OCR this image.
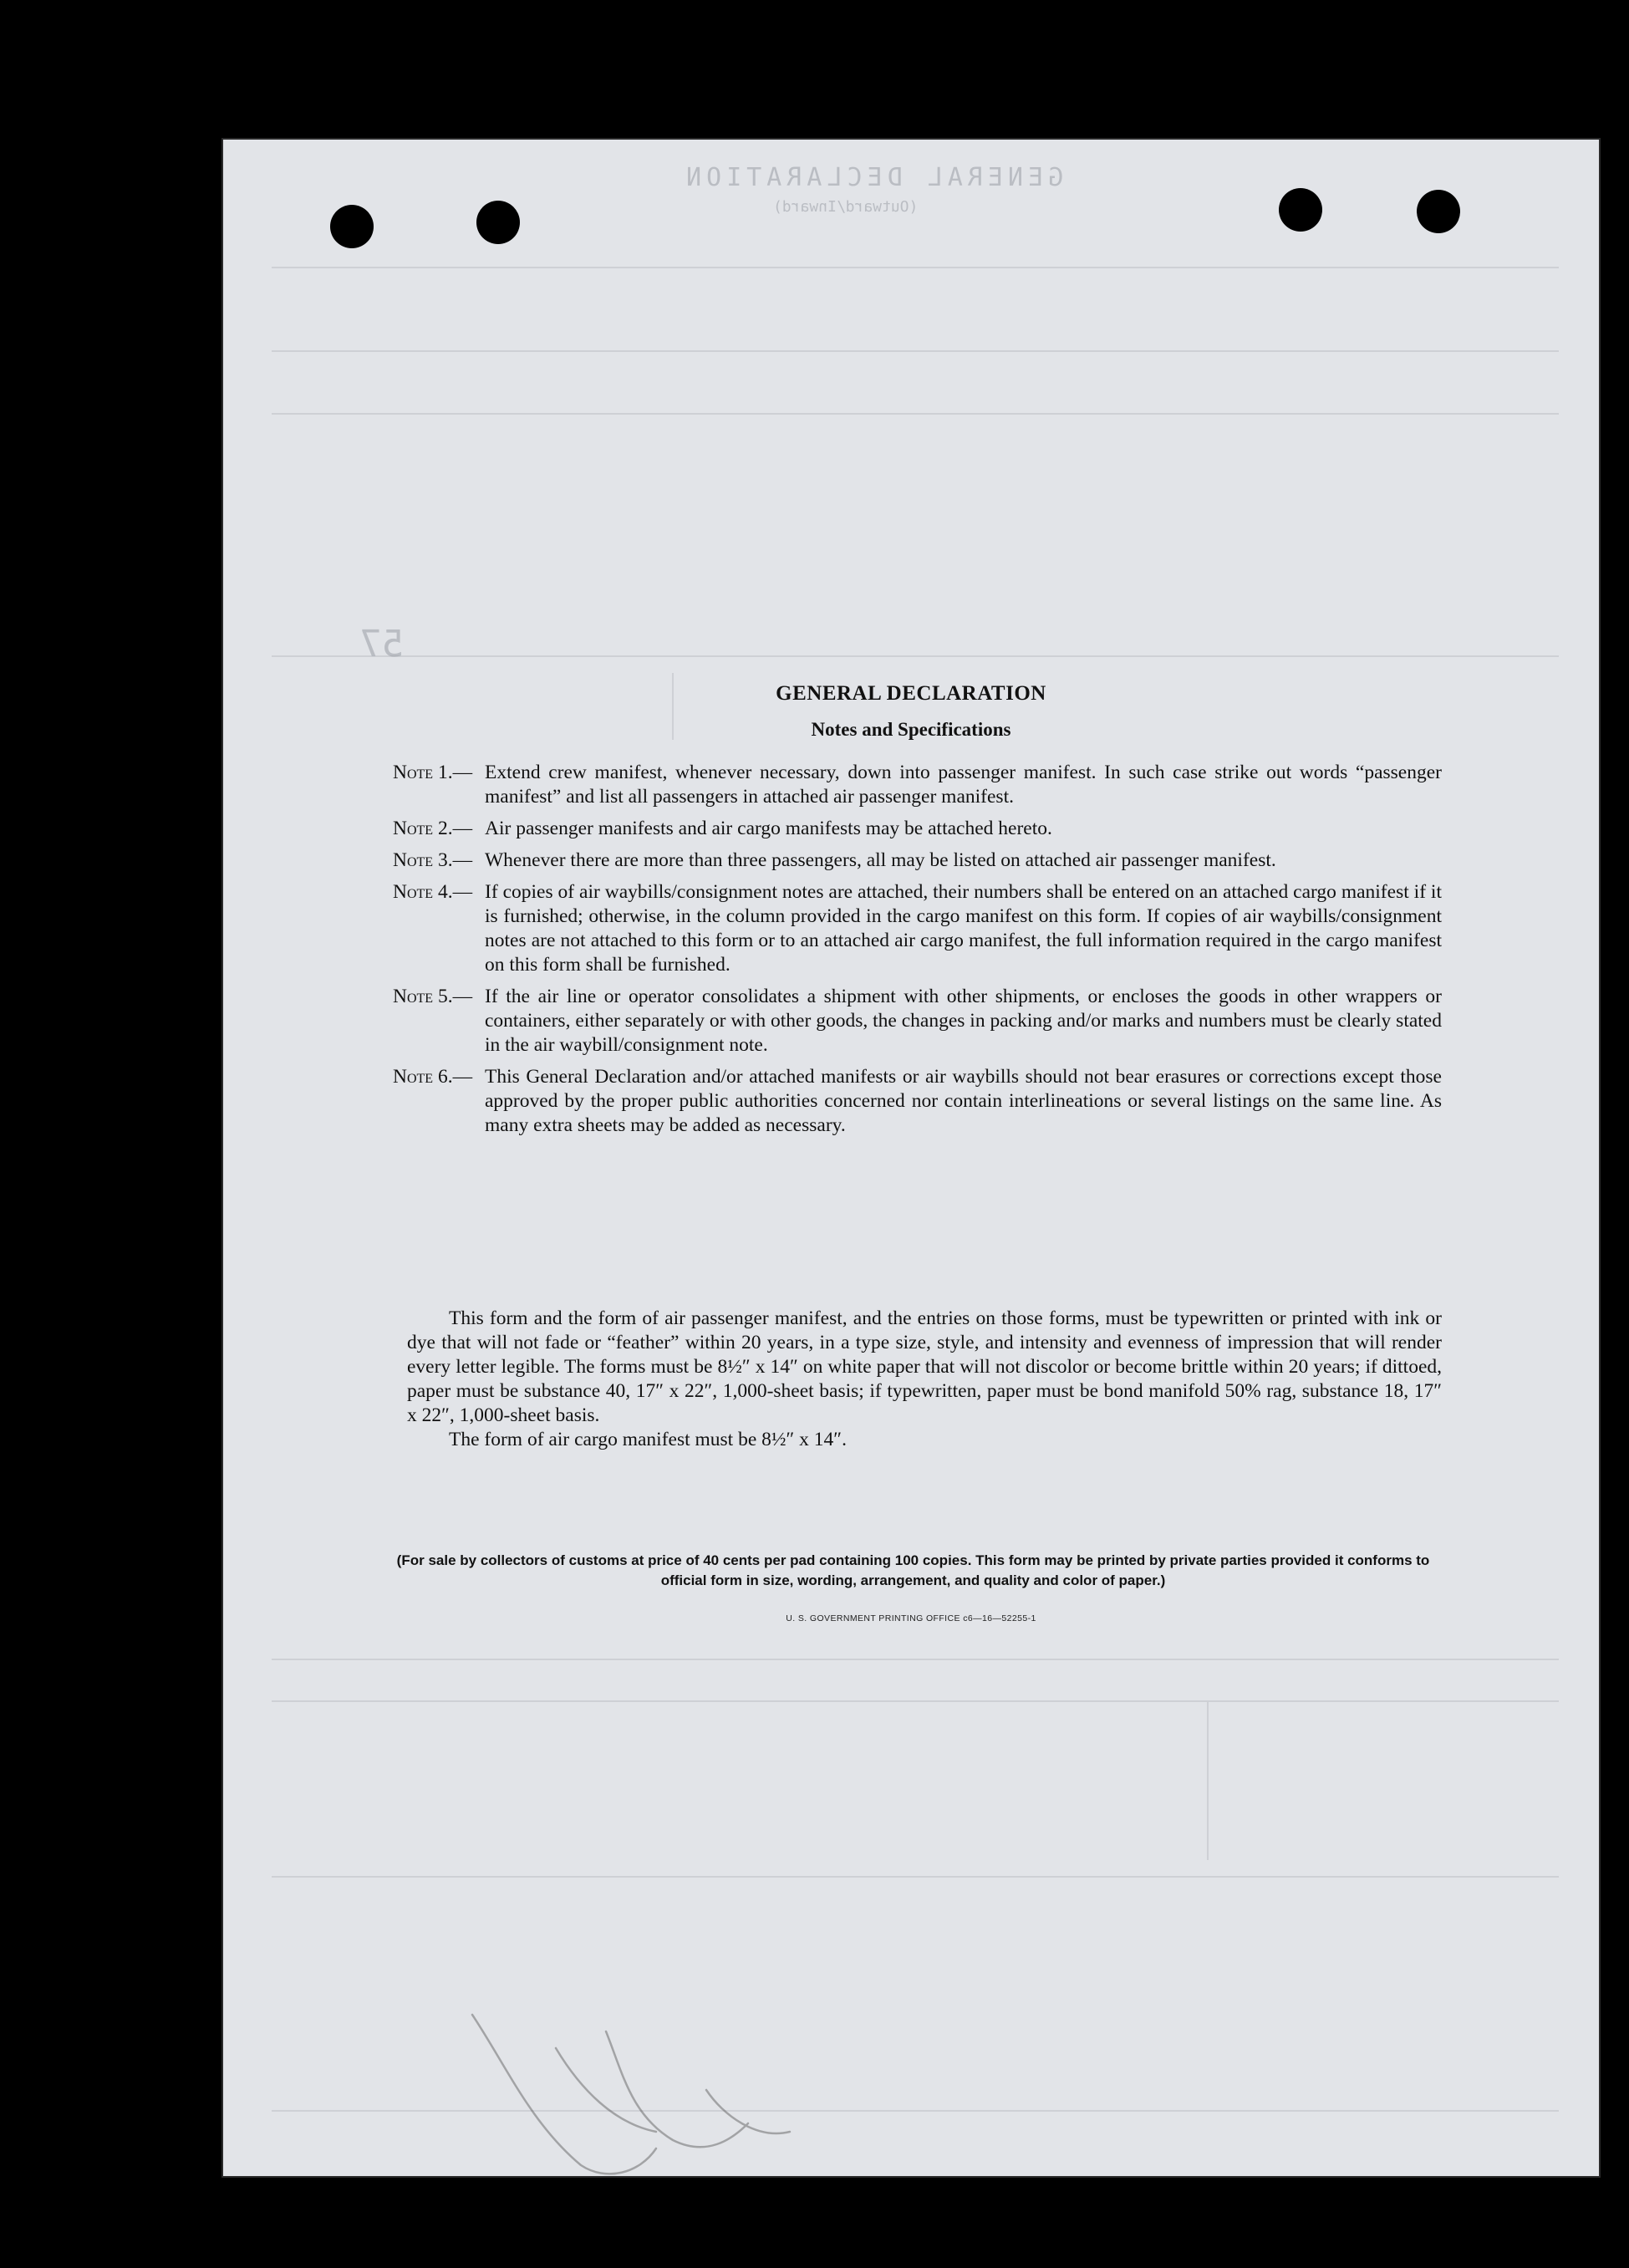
GENERAL DECLARATION
(Outward/Inward)
57
GENERAL DECLARATION
Notes and Specifications
Note 1.— Extend crew manifest, whenever necessary, down into passenger manifest. In such case strike out words “passenger manifest” and list all passengers in attached air passenger manifest.
Note 2.— Air passenger manifests and air cargo manifests may be attached hereto.
Note 3.— Whenever there are more than three passengers, all may be listed on attached air passenger manifest.
Note 4.— If copies of air waybills/consignment notes are attached, their numbers shall be entered on an attached cargo manifest if it is furnished; otherwise, in the column provided in the cargo manifest on this form. If copies of air waybills/consignment notes are not attached to this form or to an attached air cargo manifest, the full information required in the cargo manifest on this form shall be furnished.
Note 5.— If the air line or operator consolidates a shipment with other shipments, or encloses the goods in other wrappers or containers, either separately or with other goods, the changes in packing and/or marks and numbers must be clearly stated in the air waybill/consignment note.
Note 6.— This General Declaration and/or attached manifests or air waybills should not bear erasures or corrections except those approved by the proper public authorities concerned nor contain interlineations or several listings on the same line. As many extra sheets may be added as necessary.

This form and the form of air passenger manifest, and the entries on those forms, must be typewritten or printed with ink or dye that will not fade or “feather” within 20 years, in a type size, style, and intensity and evenness of impression that will render every letter legible. The forms must be 8½″ x 14″ on white paper that will not discolor or become brittle within 20 years; if dittoed, paper must be substance 40, 17″ x 22″, 1,000-sheet basis; if typewritten, paper must be bond manifold 50% rag, substance 18, 17″ x 22″, 1,000-sheet basis.

The form of air cargo manifest must be 8½″ x 14″.

(For sale by collectors of customs at price of 40 cents per pad containing 100 copies. This form may be printed by private parties provided it conforms to official form in size, wording, arrangement, and quality and color of paper.)
U. S. GOVERNMENT PRINTING OFFICE c6—16—52255-1
